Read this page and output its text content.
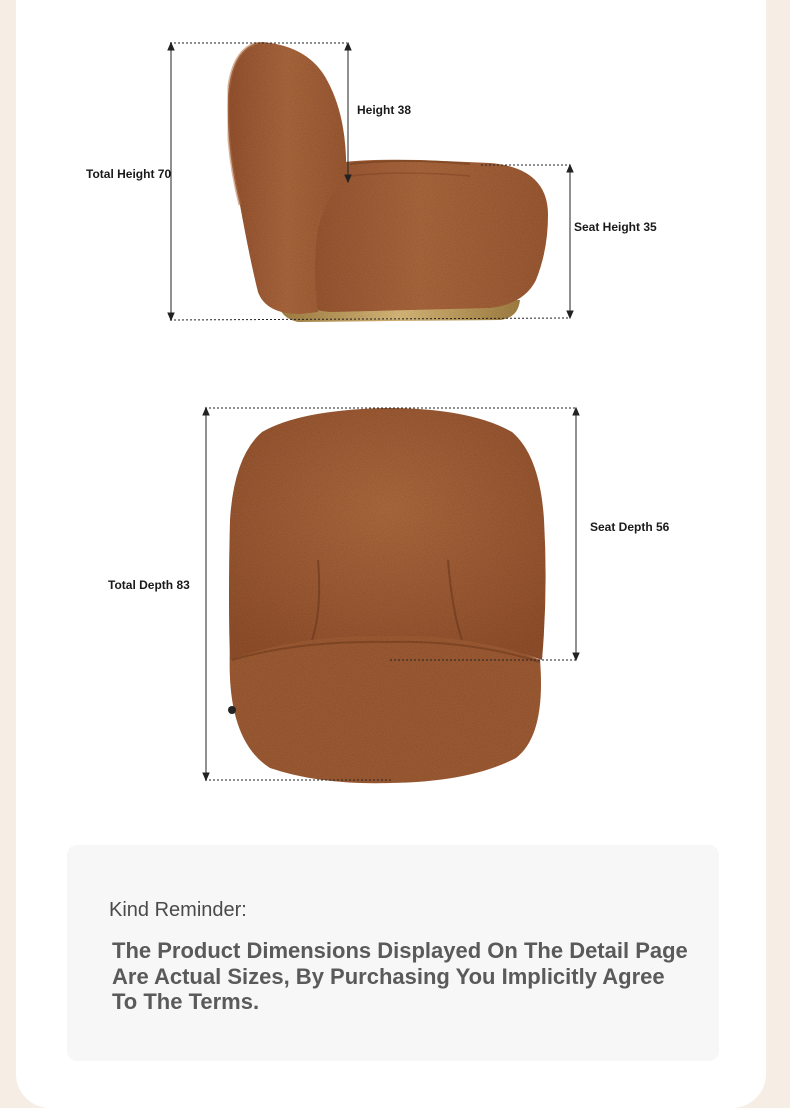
Total Height 70
Height 38
Seat Height 35
Total Depth 83
Seat Depth 56
Kind Reminder:
The Product Dimensions Displayed On The Detail Page Are Actual Sizes, By Purchasing You Implicitly Agree To The Terms.
